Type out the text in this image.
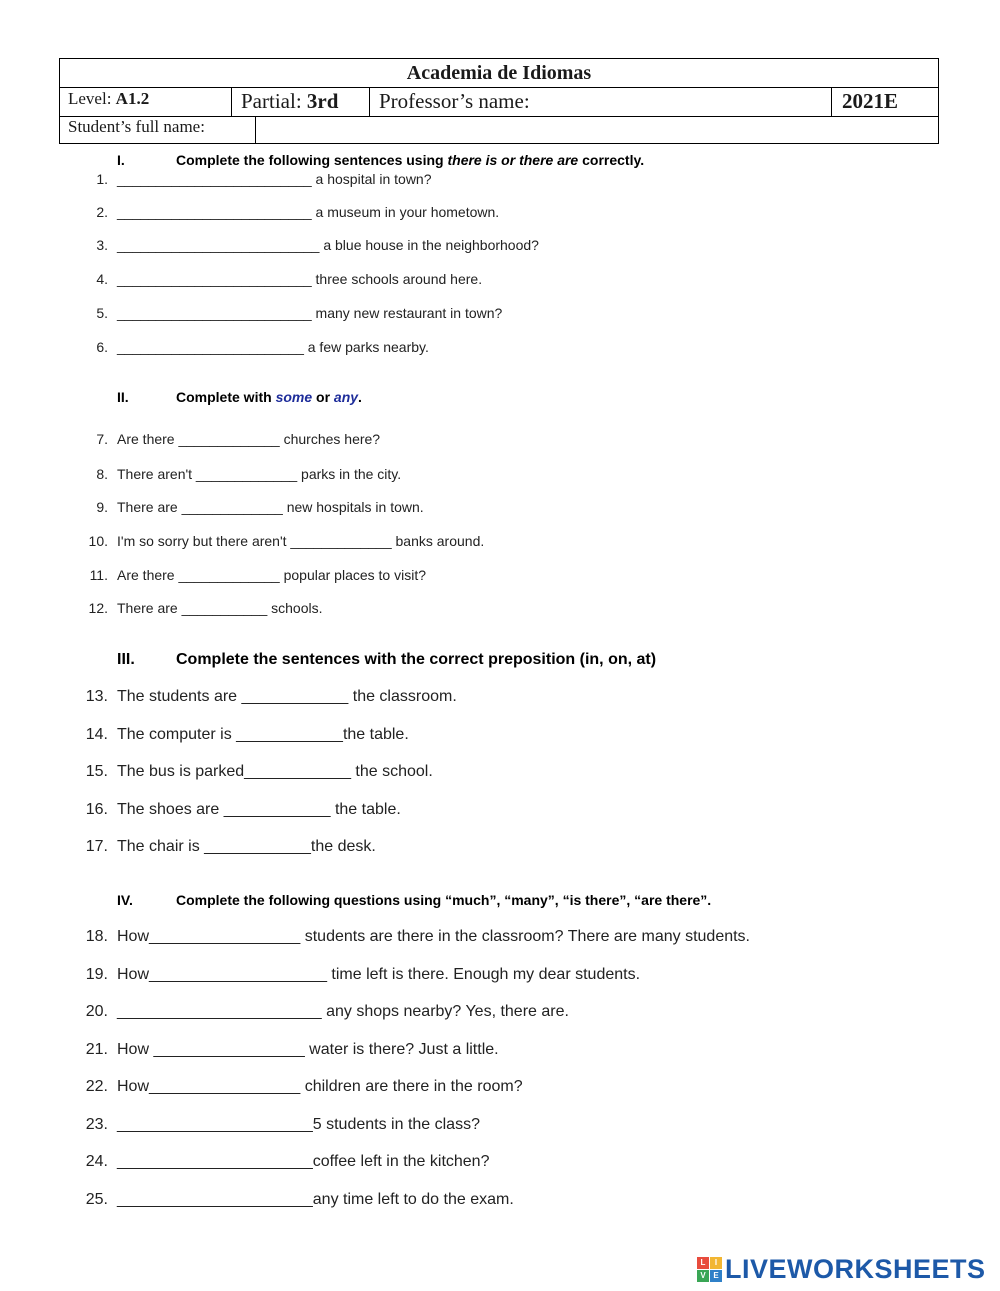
Academia de Idiomas
Level: A1.2	Partial: 3rd	Professor’s name:	2021E
Student’s full name:
I.	Complete the following sentences using there is or there are correctly.
1. _________________________ a hospital in town?
2. _________________________ a museum in your hometown.
3. __________________________ a blue house in the neighborhood?
4. _________________________ three schools around here.
5. _________________________ many new restaurant in town?
6. ________________________ a few parks nearby.
II.	Complete with some or any.
7. Are there _____________ churches here?
8. There aren't _____________ parks in the city.
9. There are _____________ new hospitals in town.
10. I'm so sorry but there aren't _____________ banks around.
11. Are there _____________ popular places to visit?
12. There are ___________ schools.
III.	Complete the sentences with the correct preposition (in, on, at)
13. The students are ____________ the classroom.
14. The computer is ____________the table.
15. The bus is parked____________ the school.
16. The shoes are ____________ the table.
17. The chair is ____________the desk.
IV.	Complete the following questions using “much”, “many”, “is there”, “are there”.
18. How_________________ students are there in the classroom? There are many students.
19. How____________________ time left is there. Enough my dear students.
20. _______________________ any shops nearby? Yes, there are.
21. How _________________ water is there? Just a little.
22. How_________________ children are there in the room?
23. ______________________5 students in the class?
24. ______________________coffee left in the kitchen?
25. ______________________any time left to do the exam.
L	I
V E LIVEWORKSHEETS
